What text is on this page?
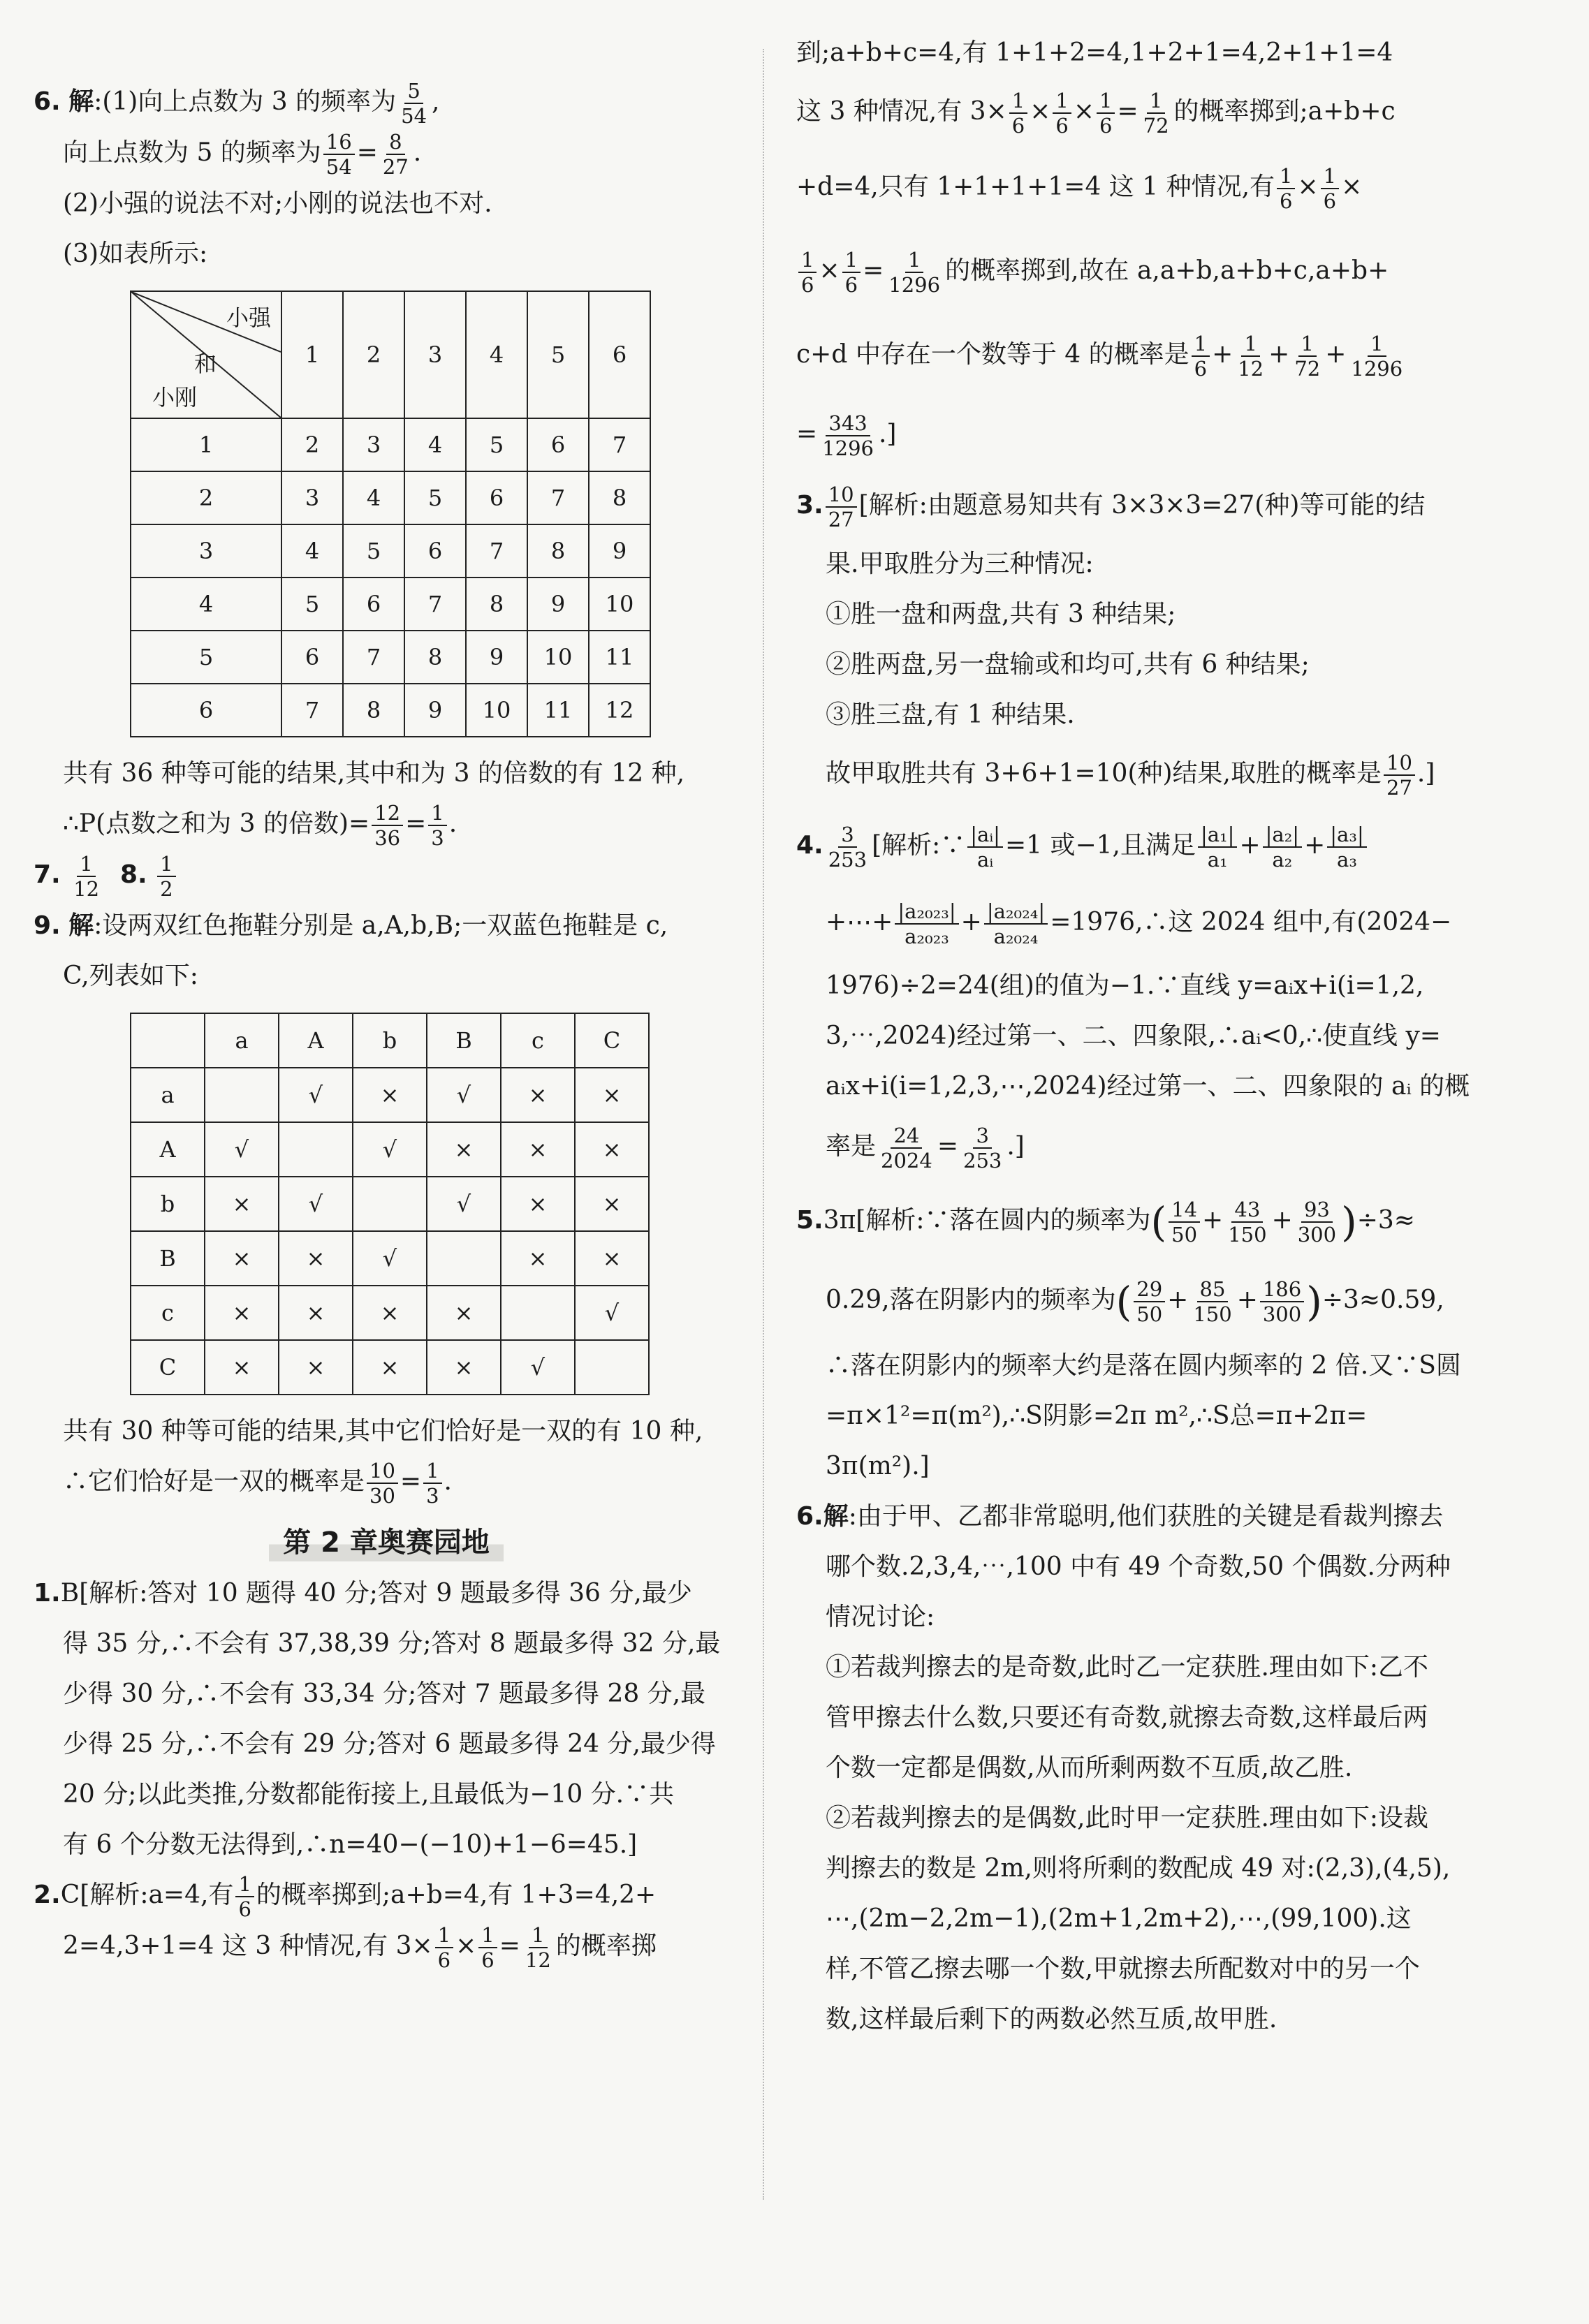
6. 解:(1)向上点数为 3 的频率为 $\frac{5}{54}$ ,

向上点数为 5 的频率为 $\frac{16}{54} = \frac{8}{27}$ .

(2)小强的说法不对;小刚的说法也不对.

(3)如表所示:

小强
和
小刚	1	2	3	4	5	6
1	2	3	4	5	6	7
2	3	4	5	6	7	8
3	4	5	6	7	8	9
4	5	6	7	8	9	10
5	6	7	8	9	10	11
6	7	8	9	10	11	12

共有 36 种等可能的结果,其中和为 3 的倍数的有 12 种,

∴P(点数之和为 3 的倍数)= $\frac{12}{36} = \frac{1}{3}$ .

7. $\frac{1}{12} 8$. $\frac{1}{2}$

9. 解:设两双红色拖鞋分别是 a,A,b,B;一双蓝色拖鞋是 c,

C,列表如下:

	a	A	b	B	c	C
a		√	×	√	×	×
A	√		√	×	×	×
b	×	√		√	×	×
B	×	×	√		×	×
c	×	×	×	×		√
C	×	×	×	×	√	

共有 30 种等可能的结果,其中它们恰好是一双的有 10 种,

∴它们恰好是一双的概率是 $\frac{10}{30} = \frac{1}{3}$ .

第 2 章奥赛园地

1.B[解析:答对 10 题得 40 分;答对 9 题最多得 36 分,最少

得 35 分,∴不会有 37,38,39 分;答对 8 题最多得 32 分,最

少得 30 分,∴不会有 33,34 分;答对 7 题最多得 28 分,最

少得 25 分,∴不会有 29 分;答对 6 题最多得 24 分,最少得

20 分;以此类推,分数都能衔接上,且最低为−10 分.∵共

有 6 个分数无法得到,∴n=40−(−10)+1−6=45.]

2.C[解析:a=4,有 $\frac{1}{6}$ 的概率掷到;a+b=4,有 1+3=4,2+

2=4,3+1=4 这 3 种情况,有 $3\times \frac{1}{6} \times \frac{1}{6} = \frac{1}{12}$ 的概率掷

到;a+b+c=4,有 1+1+2=4,1+2+1=4,2+1+1=4

这 3 种情况,有 $3\times \frac{1}{6} \times \frac{1}{6} \times \frac{1}{6} = \frac{1}{72}$ 的概率掷到;a+b+c

+d=4,只有 1+1+1+1=4 这 1 种情况,有 $\frac{1}{6} \times \frac{1}{6}$ ×

$\frac{1}{6} \times \frac{1}{6} = \frac{1}{1296}$ 的概率掷到,故在 a,a+b,a+b+c,a+b+

c+d 中存在一个数等于 4 的概率是 $\frac{1}{6} + \frac{1}{12} + \frac{1}{72} + \frac{1}{1296}$

= $\frac{343}{1296}$ .]

3. $\frac{10}{27}$ [解析:由题意易知共有 3×3×3=27(种)等可能的结

果.甲取胜分为三种情况:

①胜一盘和两盘,共有 3 种结果;

②胜两盘,另一盘输或和均可,共有 6 种结果;

③胜三盘,有 1 种结果.

故甲取胜共有 3+6+1=10(种)结果,取胜的概率是 $\frac{10}{27}$ .]

4. $\frac{3}{253}$ [解析:∵ $\frac{\text{|aᵢ|}}{\text{aᵢ}} =1$ 或−1,且满足 $\frac{\text{|a₁|}}{\text{a₁}} + \frac{\text{|a₂|}}{\text{a₂}} + \frac{\text{|a₃|}}{\text{a₃}}$

+⋯+ $\frac{\text{|a₂₀₂₃|}}{\text{a₂₀₂₃}} + \frac{\text{|a₂₀₂₄|}}{\text{a₂₀₂₄}}$ =1976,∴这 2024 组中,有(2024−

1976)÷2=24(组)的值为−1.∵直线 y=aᵢx+i(i=1,2,

3,⋯,2024)经过第一、二、四象限,∴aᵢ<0,∴使直线 y=

aᵢx+i(i=1,2,3,⋯,2024)经过第一、二、四象限的 aᵢ 的概

率是 $\frac{24}{2024} = \frac{3}{253}$ .]

5.3π[解析:∵落在圆内的频率为( $\frac{14}{50} + \frac{43}{150} + \frac{93}{300} )\div 3\approx$

0.29,落在阴影内的频率为( $\frac{29}{50} + \frac{85}{150} + \frac{186}{300} )\div 3\approx 0.59$,

∴落在阴影内的频率大约是落在圆内频率的 2 倍.又∵S圆

=π×1²=π(m²),∴S阴影=2π m²,∴S总=π+2π=

3π(m²).]

6.解:由于甲、乙都非常聪明,他们获胜的关键是看裁判擦去

哪个数.2,3,4,⋯,100 中有 49 个奇数,50 个偶数.分两种

情况讨论:

①若裁判擦去的是奇数,此时乙一定获胜.理由如下:乙不

管甲擦去什么数,只要还有奇数,就擦去奇数,这样最后两

个数一定都是偶数,从而所剩两数不互质,故乙胜.

②若裁判擦去的是偶数,此时甲一定获胜.理由如下:设裁

判擦去的数是 2m,则将所剩的数配成 49 对:(2,3),(4,5),

⋯,(2m−2,2m−1),(2m+1,2m+2),⋯,(99,100).这

样,不管乙擦去哪一个数,甲就擦去所配数对中的另一个

数,这样最后剩下的两数必然互质,故甲胜.
